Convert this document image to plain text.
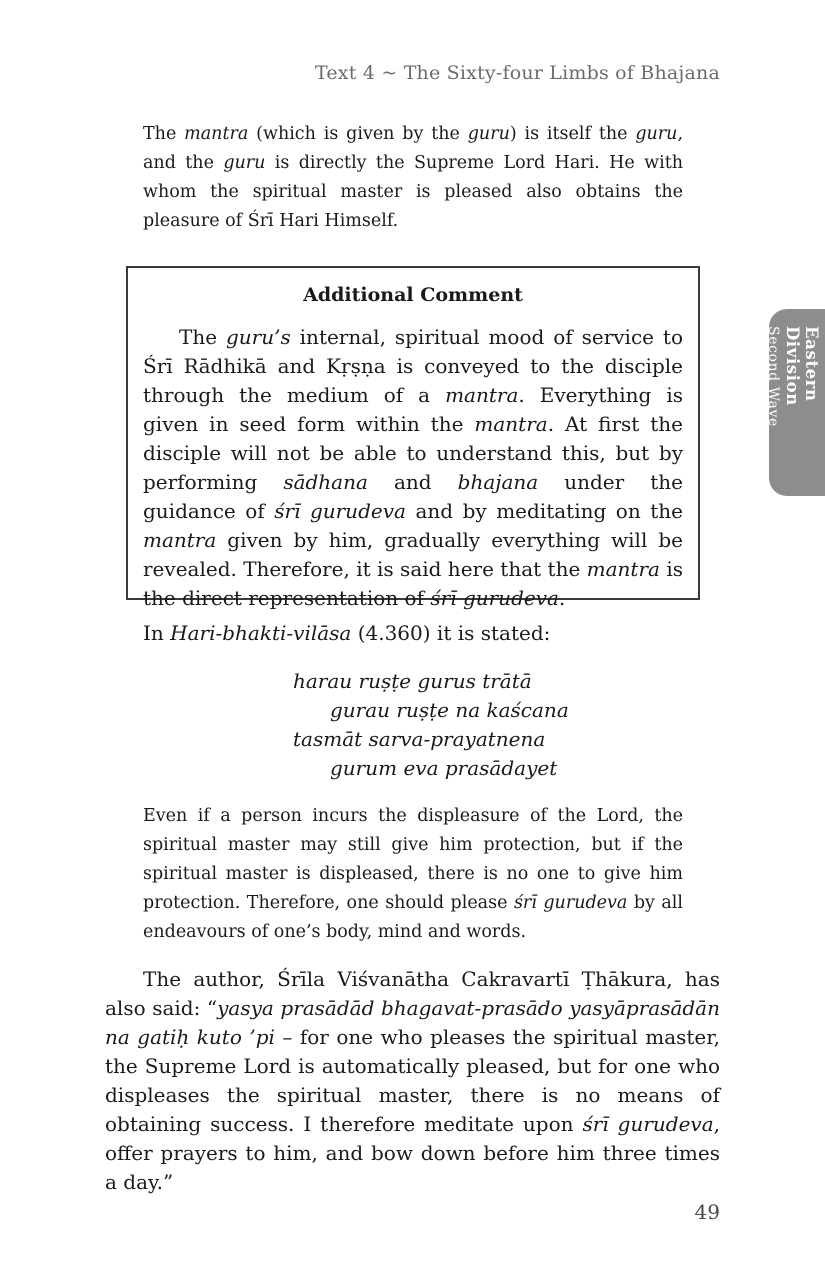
Text 4 ~ The Sixty-four Limbs of Bhajana
Eastern Division
Second Wave

The mantra (which is given by the guru) is itself the guru, and the guru is directly the Supreme Lord Hari. He with whom the spiritual master is pleased also obtains the pleasure of Śrī Hari Himself.

Additional Comment

The guru’s internal, spiritual mood of service to Śrī Rādhikā and Kṛṣṇa is conveyed to the disciple through the medium of a mantra. Everything is given in seed form within the mantra. At first the disciple will not be able to understand this, but by performing sādhana and bhajana under the guidance of śrī gurudeva and by meditating on the mantra given by him, gradually everything will be revealed. Therefore, it is said here that the mantra is the direct representation of śrī gurudeva.

In Hari-bhakti-vilāsa (4.360) it is stated:

harau ruṣṭe gurus trātā
gurau ruṣṭe na kaścana
tasmāt sarva-prayatnena
gurum eva prasādayet

Even if a person incurs the displeasure of the Lord, the spiritual master may still give him protection, but if the spiritual master is displeased, there is no one to give him protection. Therefore, one should please śrī gurudeva by all endeavours of one’s body, mind and words.

The author, Śrīla Viśvanātha Cakravartī Ṭhākura, has also said: “yasya prasādād bhagavat-prasādo yasyāprasādān na gatiḥ kuto ’pi – for one who pleases the spiritual master, the Supreme Lord is automatically pleased, but for one who displeases the spiritual master, there is no means of obtaining success. I therefore meditate upon śrī gurudeva, offer prayers to him, and bow down before him three times a day.”

49
